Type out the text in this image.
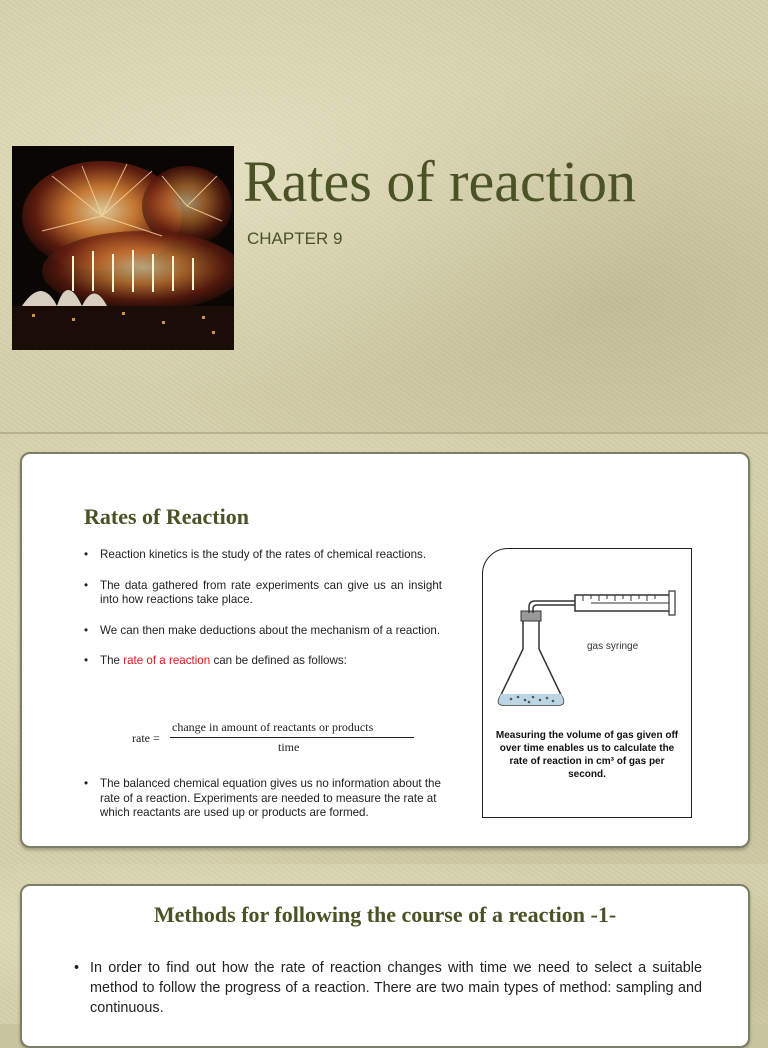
Rates of reaction

CHAPTER 9

Rates of Reaction
• Reaction kinetics is the study of the rates of chemical reactions.
• The data gathered from rate experiments can give us an insight into how reactions take place.
• We can then make deductions about the mechanism of a reaction.
• The rate of a reaction can be defined as follows:
rate =
change in amount of reactants or products
time
• The balanced chemical equation gives us no information about the rate of a reaction. Experiments are needed to measure the rate at which reactants are used up or products are formed.
gas syringe

Measuring the volume of gas given off over time enables us to calculate the rate of reaction in cm³ of gas per second.

Methods for following the course of a reaction -1-
• In order to find out how the rate of reaction changes with time we need to select a suitable method to follow the progress of a reaction. There are two main types of method: sampling and continuous.
